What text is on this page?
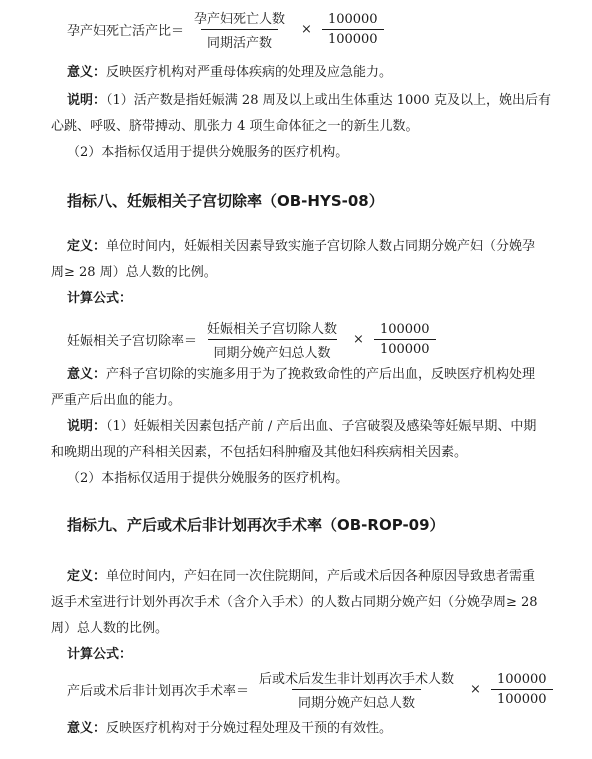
孕产妇死亡活产比＝ $\frac{\text{孕产妇死亡人数}}{\text{同期活产数}} \times \frac{100000}{100000}$
意义：反映医疗机构对严重母体疾病的处理及应急能力。
说明：（1）活产数是指妊娠满 28 周及以上或出生体重达 1000 克及以上，娩出后有
心跳、呼吸、脐带搏动、肌张力 4 项生命体征之一的新生儿数。
（2）本指标仅适用于提供分娩服务的医疗机构。
指标八、妊娠相关子宫切除率（OB-HYS-08）
定义：单位时间内，妊娠相关因素导致实施子宫切除人数占同期分娩产妇（分娩孕
周≥ 28 周）总人数的比例。
计算公式：
妊娠相关子宫切除率＝ $\frac{\text{妊娠相关子宫切除人数}}{\text{同期分娩产妇总人数}} \times \frac{100000}{100000}$
意义：产科子宫切除的实施多用于为了挽救致命性的产后出血，反映医疗机构处理
严重产后出血的能力。
说明：（1）妊娠相关因素包括产前 / 产后出血、子宫破裂及感染等妊娠早期、中期
和晚期出现的产科相关因素，不包括妇科肿瘤及其他妇科疾病相关因素。
（2）本指标仅适用于提供分娩服务的医疗机构。
指标九、产后或术后非计划再次手术率（OB-ROP-09）
定义：单位时间内，产妇在同一次住院期间，产后或术后因各种原因导致患者需重
返手术室进行计划外再次手术（含介入手术）的人数占同期分娩产妇（分娩孕周≥ 28
周）总人数的比例。
计算公式：
产后或术后非计划再次手术率＝ $\frac{\text{后或术后发生非计划再次手术人数}}{\text{同期分娩产妇总人数}} \times \frac{100000}{100000}$
意义：反映医疗机构对于分娩过程处理及干预的有效性。
